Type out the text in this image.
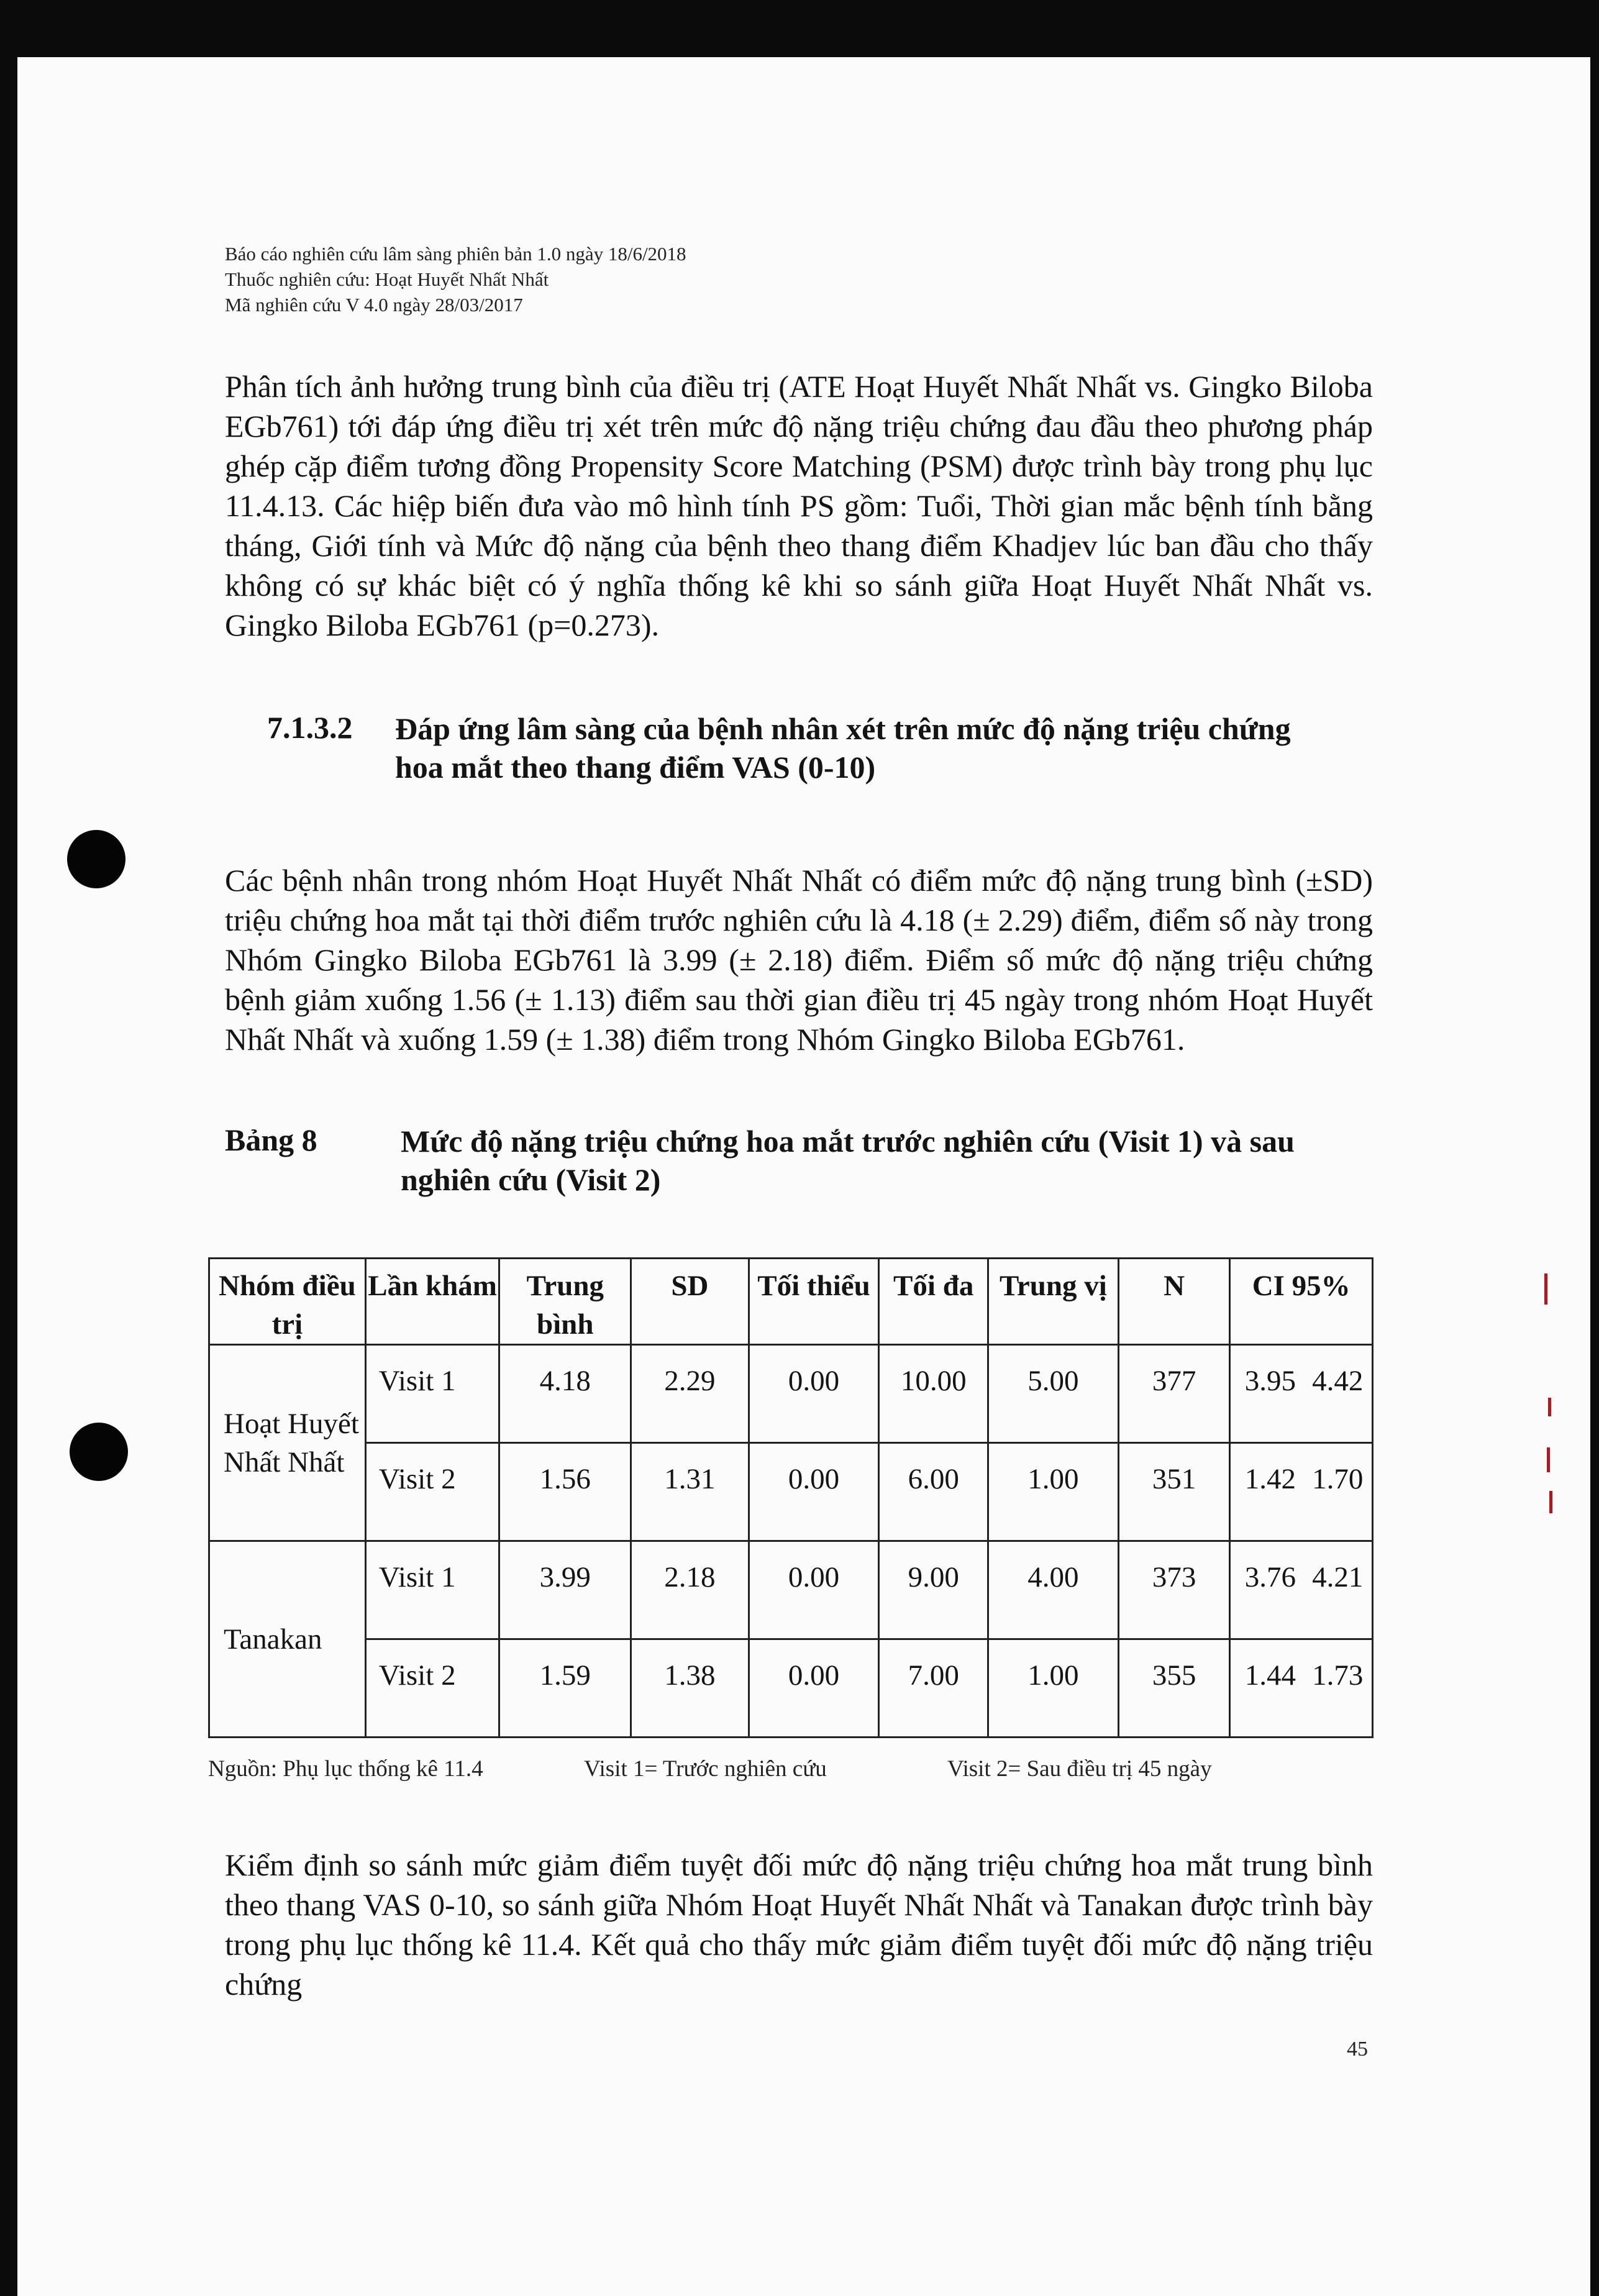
Báo cáo nghiên cứu lâm sàng phiên bản 1.0 ngày 18/6/2018
Thuốc nghiên cứu: Hoạt Huyết Nhất Nhất
Mã nghiên cứu V 4.0 ngày 28/03/2017
Phân tích ảnh hưởng trung bình của điều trị (ATE Hoạt Huyết Nhất Nhất vs. Gingko Biloba EGb761) tới đáp ứng điều trị xét trên mức độ nặng triệu chứng đau đầu theo phương pháp ghép cặp điểm tương đồng Propensity Score Matching (PSM) được trình bày trong phụ lục 11.4.13. Các hiệp biến đưa vào mô hình tính PS gồm: Tuổi, Thời gian mắc bệnh tính bằng tháng, Giới tính và Mức độ nặng của bệnh theo thang điểm Khadjev lúc ban đầu cho thấy không có sự khác biệt có ý nghĩa thống kê khi so sánh giữa Hoạt Huyết Nhất Nhất vs. Gingko Biloba EGb761 (p=0.273).
7.1.3.2 Đáp ứng lâm sàng của bệnh nhân xét trên mức độ nặng triệu chứng hoa mắt theo thang điểm VAS (0-10)
Các bệnh nhân trong nhóm Hoạt Huyết Nhất Nhất có điểm mức độ nặng trung bình (±SD) triệu chứng hoa mắt tại thời điểm trước nghiên cứu là 4.18 (± 2.29) điểm, điểm số này trong Nhóm Gingko Biloba EGb761 là 3.99 (± 2.18) điểm. Điểm số mức độ nặng triệu chứng bệnh giảm xuống 1.56 (± 1.13) điểm sau thời gian điều trị 45 ngày trong nhóm Hoạt Huyết Nhất Nhất và xuống 1.59 (± 1.38) điểm trong Nhóm Gingko Biloba EGb761.
Bảng 8	Mức độ nặng triệu chứng hoa mắt trước nghiên cứu (Visit 1) và sau nghiên cứu (Visit 2)
Nhóm điều trị	Lần khám	Trung bình	SD	Tối thiểu	Tối đa	Trung vị	N	CI 95%
Hoạt Huyết Nhất Nhất	Visit 1	4.18	2.29	0.00	10.00	5.00	377	3.95 4.42
	Visit 2	1.56	1.31	0.00	6.00	1.00	351	1.42 1.70
Tanakan	Visit 1	3.99	2.18	0.00	9.00	4.00	373	3.76 4.21
	Visit 2	1.59	1.38	0.00	7.00	1.00	355	1.44 1.73
Nguồn: Phụ lục thống kê 11.4	Visit 1= Trước nghiên cứu	Visit 2= Sau điều trị 45 ngày
Kiểm định so sánh mức giảm điểm tuyệt đối mức độ nặng triệu chứng hoa mắt trung bình theo thang VAS 0-10, so sánh giữa Nhóm Hoạt Huyết Nhất Nhất và Tanakan được trình bày trong phụ lục thống kê 11.4. Kết quả cho thấy mức giảm điểm tuyệt đối mức độ nặng triệu chứng
45
